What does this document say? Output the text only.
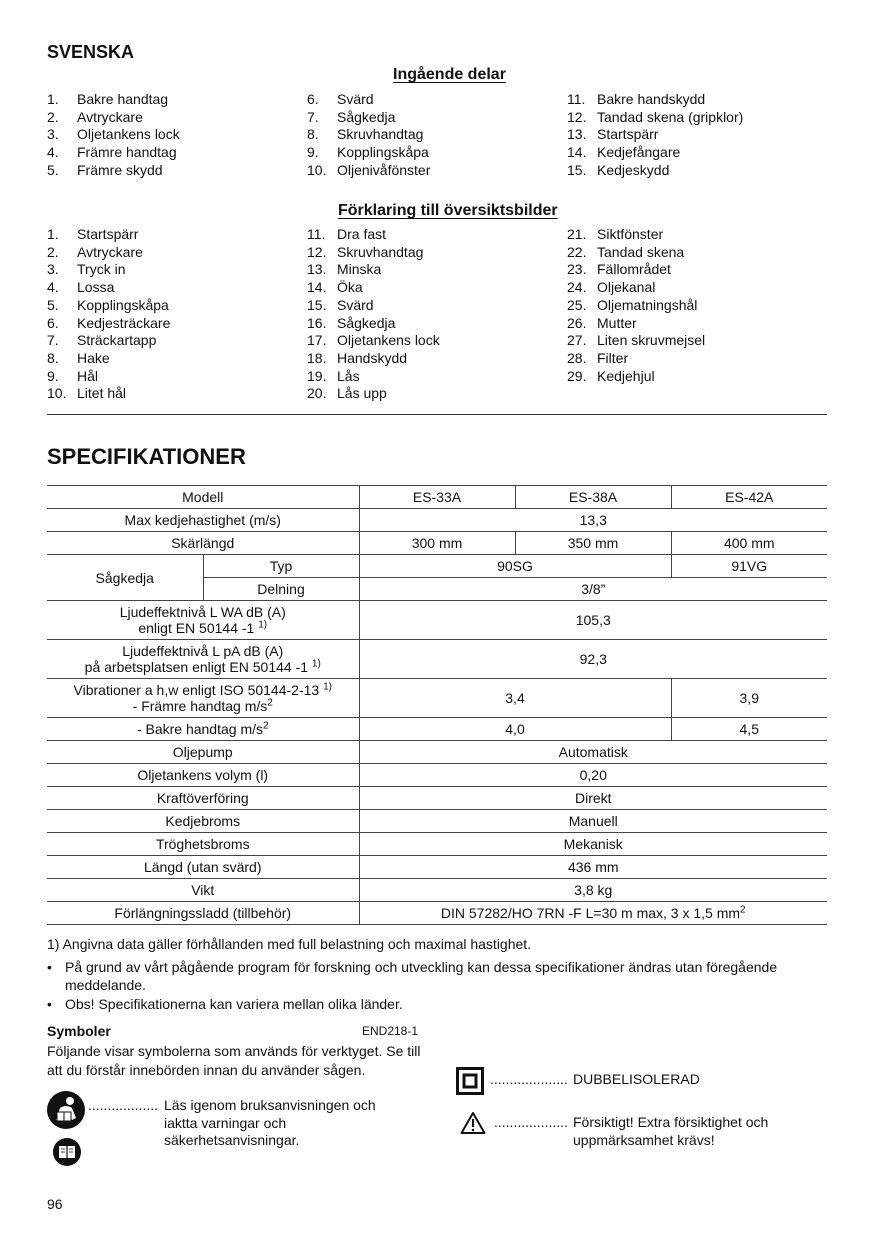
SVENSKA
Ingående delar
1.	Bakre handtag
2.	Avtryckare
3.	Oljetankens lock
4.	Främre handtag
5.	Främre skydd
6.	Svärd
7.	Sågkedja
8.	Skruvhandtag
9.	Kopplingskåpa
10. Oljenivåfönster
11. Bakre handskydd
12. Tandad skena (gripklor)
13. Startspärr
14. Kedjefångare
15. Kedjeskydd
Förklaring till översiktsbilder
1.	Startspärr
2.	Avtryckare
3.	Tryck in
4.	Lossa
5.	Kopplingskåpa
6.	Kedjesträckare
7.	Sträckartapp
8.	Hake
9.	Hål
10. Litet hål
11. Dra fast
12. Skruvhandtag
13. Minska
14. Öka
15. Svärd
16. Sågkedja
17. Oljetankens lock
18. Handskydd
19. Lås
20. Lås upp
21. Siktfönster
22. Tandad skena
23. Fällområdet
24. Oljekanal
25. Oljematningshål
26. Mutter
27. Liten skruvmejsel
28. Filter
29. Kedjehjul
SPECIFIKATIONER
Modell		ES-33A	ES-38A	ES-42A
Max kedjehastighet (m/s)		13,3		
Skärlängd		300 mm	350 mm	400 mm
Sågkedja	Typ	90SG		91VG
	Delning	3/8”		
Ljudeffektnivå L WA dB (A)
enligt EN 50144 -1 $^{1)}$		105,3		
Ljudeffektnivå L pA dB (A)
på arbetsplatsen enligt EN 50144 -1 $^{1)}$		92,3		
Vibrationer a h,w enligt ISO 50144-2-13 $^{1)}$
- Främre handtag $m/s^2$		3,4		3,9
- Bakre handtag $m/s^2$		4,0		4,5
Oljepump		Automatisk		
Oljetankens volym (l)		0,20		
Kraftöverföring		Direkt		
Kedjebroms		Manuell		
Tröghetsbroms		Mekanisk		
Längd (utan svärd)		436 mm		
Vikt		3,8 kg		
Förlängningssladd (tillbehör)		DIN 57282/HO 7RN -F L=30 m max, 3 x 1,5 $mm^2$
1) Angivna data gäller förhållanden med full belastning och maximal hastighet.
• På grund av vårt pågående program för forskning och utveckling kan dessa specifikationer ändras utan föregående meddelande.
• Obs! Specifikationerna kan variera mellan olika länder.
Symboler	END218-1
Följande visar symbolerna som används för verktyget. Se till att du förstår innebörden innan du använder sågen.
.................. Läs igenom bruksanvisningen och iaktta varningar och säkerhetsanvisningar.
.................... DUBBELISOLERAD
................... Försiktigt! Extra försiktighet och uppmärksamhet krävs!
96
